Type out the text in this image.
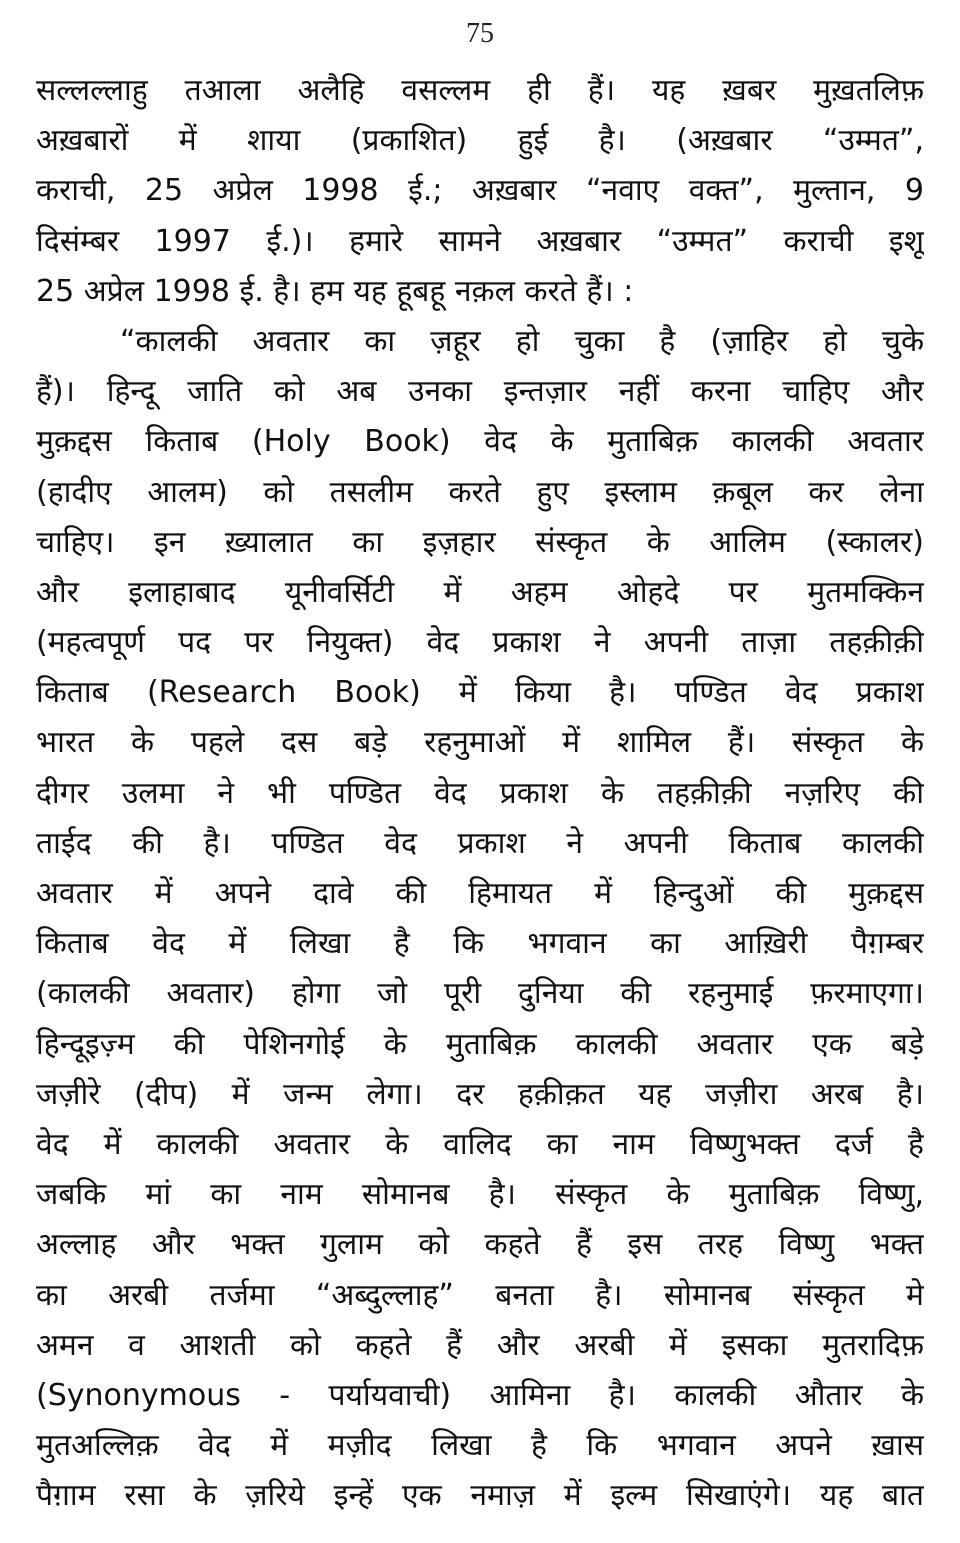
75
सल्लल्लाहु तआला अलैहि वसल्लम ही हैं। यह ख़बर मुख़तलिफ़
अख़बारों में शाया (प्रकाशित) हुई है। (अख़बार “उम्मत”,
कराची, 25 अप्रेल 1998 ई.; अख़बार “नवाए वक्त”, मुल्तान, 9
दिसंम्बर 1997 ई.)। हमारे सामने अख़बार “उम्मत” कराची इशू
25 अप्रेल 1998 ई. है। हम यह हूबहू नक़ल करते हैं। :
“कालकी अवतार का ज़हूर हो चुका है (ज़ाहिर हो चुके
हैं)। हिन्दू जाति को अब उनका इन्तज़ार नहीं करना चाहिए और
मुक़द्दस किताब (Holy Book) वेद के मुताबिक़ कालकी अवतार
(हादीए आलम) को तसलीम करते हुए इस्लाम क़बूल कर लेना
चाहिए। इन ख़्यालात का इज़हार संस्कृत के आलिम (स्कालर)
और इलाहाबाद यूनीवर्सिटी में अहम ओहदे पर मुतमक्किन
(महत्वपूर्ण पद पर नियुक्त) वेद प्रकाश ने अपनी ताज़ा तहक़ीक़ी
किताब (Research Book) में किया है। पण्डित वेद प्रकाश
भारत के पहले दस बड़े रहनुमाओं में शामिल हैं। संस्कृत के
दीगर उलमा ने भी पण्डित वेद प्रकाश के तहक़ीक़ी नज़रिए की
ताईद की है। पण्डित वेद प्रकाश ने अपनी किताब कालकी
अवतार में अपने दावे की हिमायत में हिन्दुओं की मुक़द्दस
किताब वेद में लिखा है कि भगवान का आख़िरी पैग़म्बर
(कालकी अवतार) होगा जो पूरी दुनिया की रहनुमाई फ़रमाएगा।
हिन्दूइज़्म की पेशिनगोई के मुताबिक़ कालकी अवतार एक बड़े
जज़ीरे (दीप) में जन्म लेगा। दर हक़ीक़त यह जज़ीरा अरब है।
वेद में कालकी अवतार के वालिद का नाम विष्णुभक्त दर्ज है
जबकि मां का नाम सोमानब है। संस्कृत के मुताबिक़ विष्णु,
अल्लाह और भक्त गुलाम को कहते हैं इस तरह विष्णु भक्त
का अरबी तर्जमा “अब्दुल्लाह” बनता है। सोमानब संस्कृत मे
अमन व आशती को कहते हैं और अरबी में इसका मुतरादिफ़
(Synonymous - पर्यायवाची) आमिना है। कालकी औतार के
मुतअल्लिक़ वेद में मज़ीद लिखा है कि भगवान अपने ख़ास
पैग़ाम रसा के ज़रिये इन्हें एक नमाज़ में इल्म सिखाएंगे। यह बात
